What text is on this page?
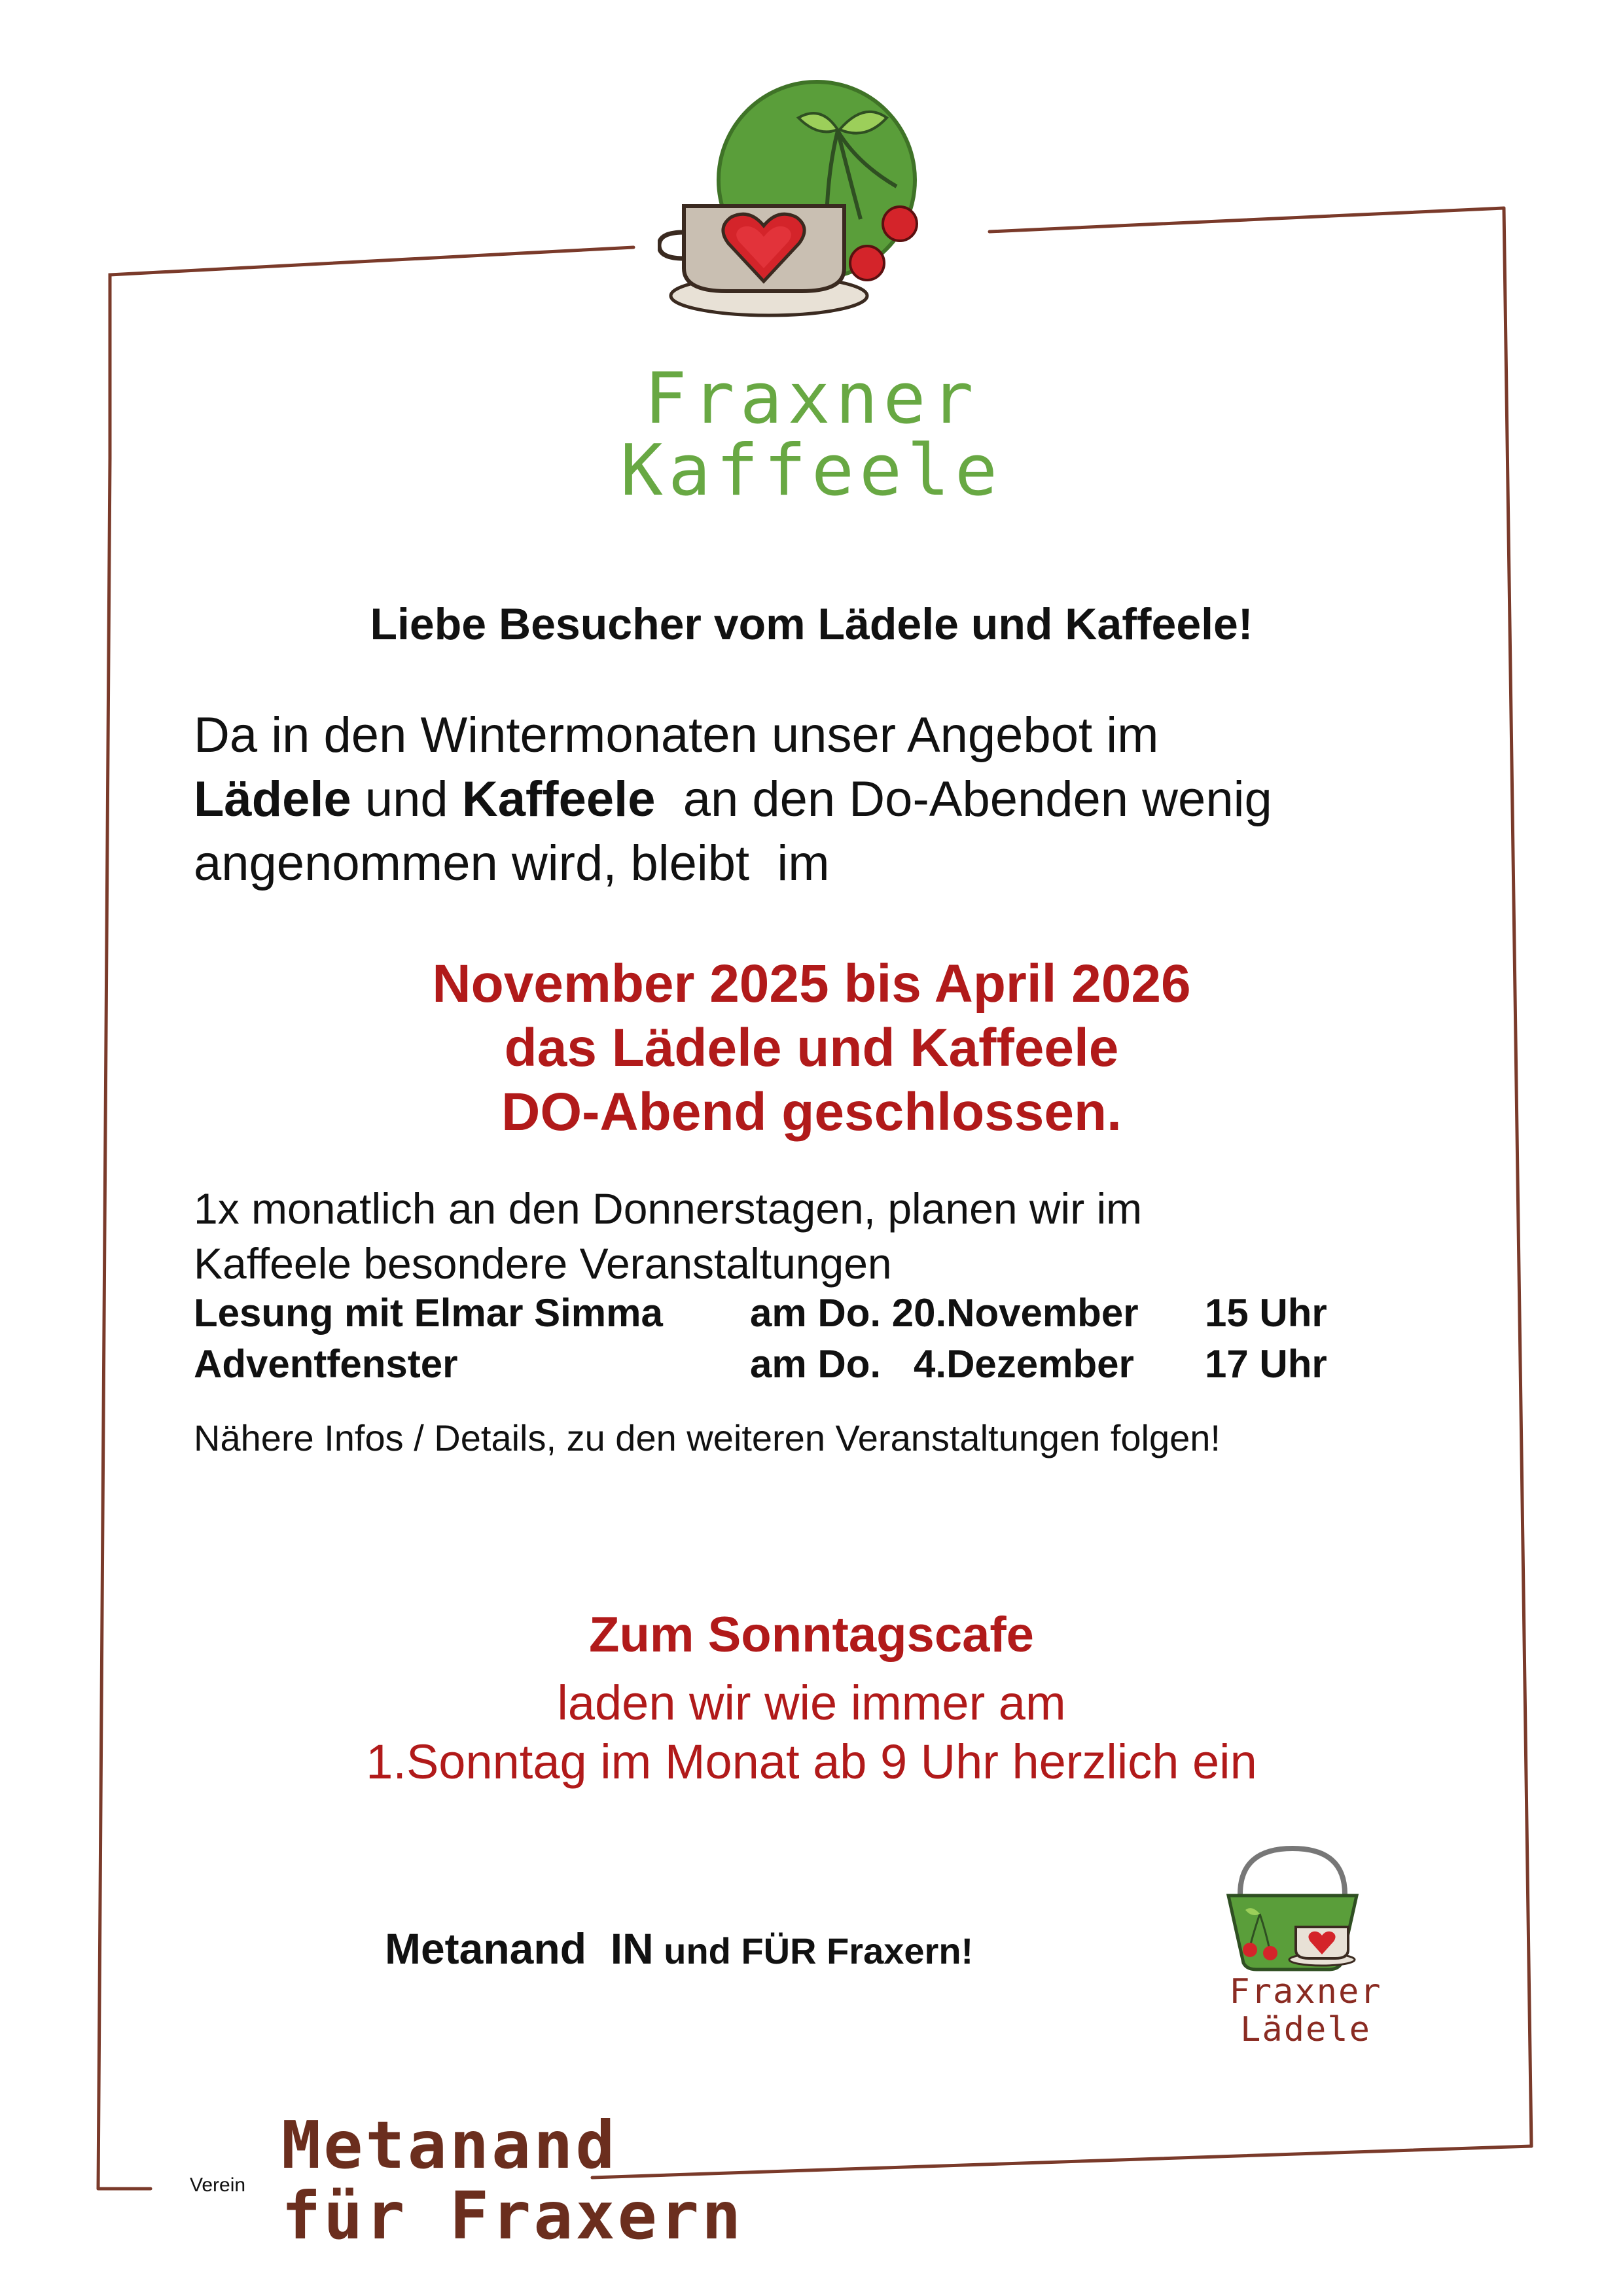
Fraxner
Kaffeele
Liebe Besucher vom Lädele und Kaffeele!
Da in den Wintermonaten unser Angebot im
Lädele und Kaffeele  an den Do-Abenden wenig
angenommen wird, bleibt  im
November 2025 bis April 2026
das Lädele und Kaffeele
DO-Abend geschlossen.
1x monatlich an den Donnerstagen, planen wir im
Kaffeele besondere Veranstaltungen
Lesung mit Elmar Simma am Do. 20.November 15 Uhr
Adventfenster	am Do.   4.Dezember 17 Uhr
Nähere Infos / Details, zu den weiteren Veranstaltungen folgen!
Zum Sonntagscafe
laden wir wie immer am
1.Sonntag im Monat ab 9 Uhr herzlich ein
Metanand  IN und FÜR Fraxern!
Fraxner
Lädele
Verein
Metanand
für Fraxern
